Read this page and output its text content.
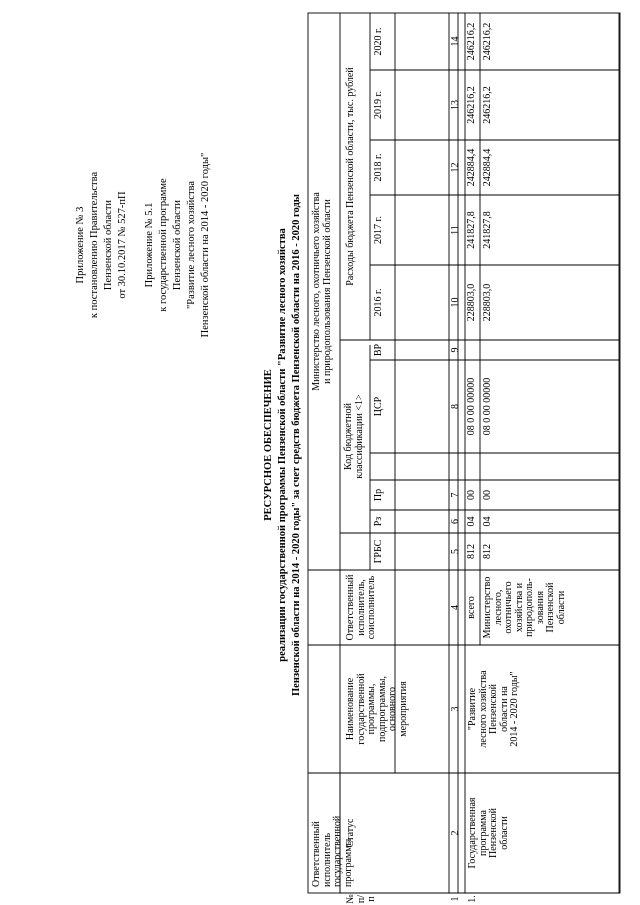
Приложение № 3 к постановлению Правительства Пензенской области от 30.10.2017 № 527-пП Приложение № 5.1 к государственной программе Пензенской области "Развитие лесного хозяйства Пензенской области на 2014 - 2020 годы"
РЕСУРСНОЕ ОБЕСПЕЧЕНИЕ реализации государственной программы Пензенской области "Развитие лесного хозяйства Пензенской области на 2014 - 2020 годы" за счет средств бюджета Пензенской области на 2016 - 2020 годы
Ответственный исполнитель
государственной программы
Министерство лесного, охотничьего хозяйства
и природопользования Пензенской области
№
п/п
Статус
Наименование
государственной
программы,
подпрограммы,
основного
мероприятия
Ответственный
исполнитель,
соисполнитель
Код бюджетной
классификации <1>
ГРБС
Рз
Пр
ЦСР
ВР
Расходы бюджета Пензенской области, тыс. рублей
2016 г.
2017 г.
2018 г.
2019 г.
2020 г.
1
2
3
4
5
6
7
8
9
10
11
12
13
14
1.
Государственная
программа
Пензенской
области
"Развитие
лесного хозяйства
Пензенской
области на
2014 - 2020 годы"
всего
812
04
00
08 0 00 00000
228803,0
241827,8
242884,4
246216,2
246216,2
Министерство
лесного,
охотничьего
хозяйства и
природополь-
зования
Пензенской
области
812
04
00
08 0 00 00000
228803,0
241827,8
242884,4
246216,2
246216,2
